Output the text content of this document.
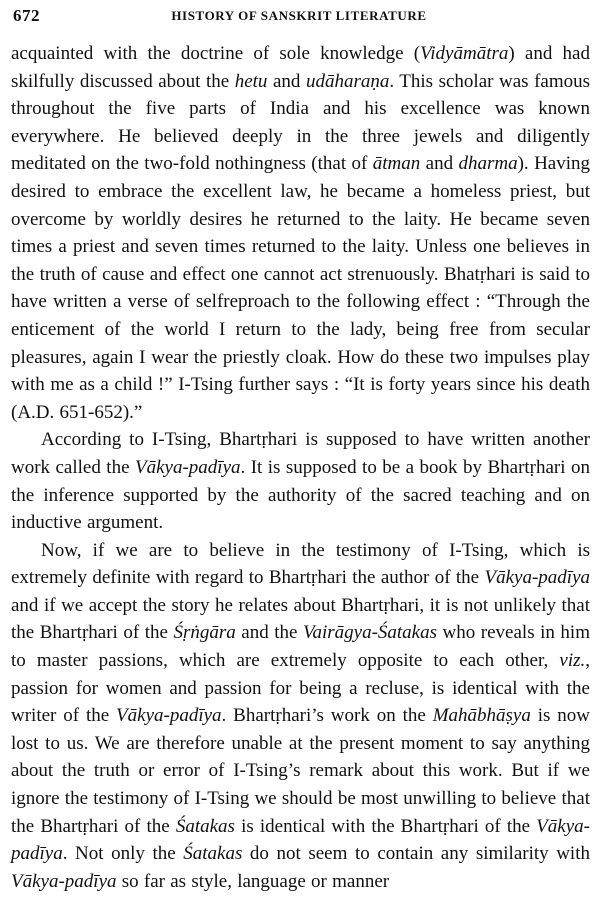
672	HISTORY OF SANSKRIT LITERATURE

acquainted with the doctrine of sole knowledge (Vidyāmātra) and had skilfully discussed about the hetu and udāharaṇa. This scholar was famous throughout the five parts of India and his excellence was known everywhere. He believed deeply in the three jewels and diligently meditated on the two-fold nothingness (that of ātman and dharma). Having desired to embrace the excellent law, he became a homeless priest, but overcome by worldly desires he returned to the laity. He became seven times a priest and seven times returned to the laity. Unless one believes in the truth of cause and effect one cannot act strenuously. Bhatṛhari is said to have written a verse of selfreproach to the following effect : “Through the enticement of the world I return to the lady, being free from secular pleasures, again I wear the priestly cloak. How do these two impulses play with me as a child !” I-Tsing further says : “It is forty years since his death (A.D. 651-652).”

According to I-Tsing, Bhartṛhari is supposed to have written another work called the Vākya-padīya. It is supposed to be a book by Bhartṛhari on the inference supported by the authority of the sacred teaching and on inductive argument.

Now, if we are to believe in the testimony of I-Tsing, which is extremely definite with regard to Bhartṛhari the author of the Vākya-padīya and if we accept the story he relates about Bhartṛhari, it is not unlikely that the Bhartṛhari of the Śṛṅgāra and the Vairāgya-Śatakas who reveals in him to master passions, which are extremely opposite to each other, viz., passion for women and passion for being a recluse, is identical with the writer of the Vākya-padīya. Bhartṛhari’s work on the Mahābhāṣya is now lost to us. We are therefore unable at the present moment to say anything about the truth or error of I-Tsing’s remark about this work. But if we ignore the testimony of I-Tsing we should be most unwilling to believe that the Bhartṛhari of the Śatakas is identical with the Bhartṛhari of the Vākya-padīya. Not only the Śatakas do not seem to contain any similarity with Vākya-padīya so far as style, language or manner
